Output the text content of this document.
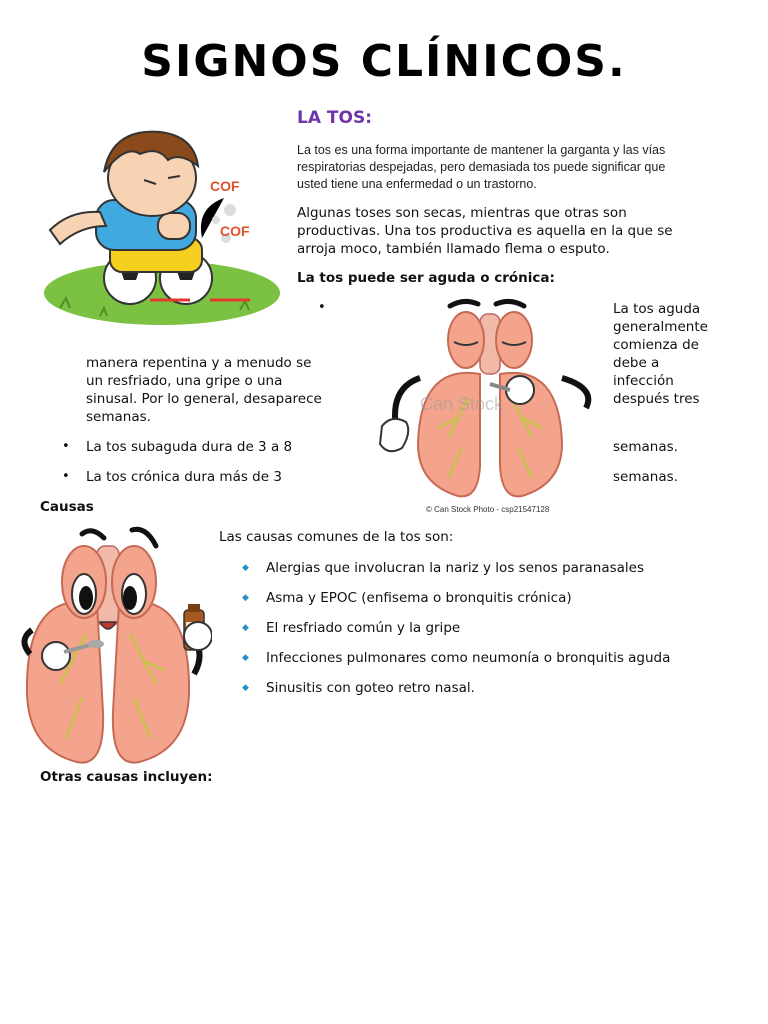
SIGNOS CLÍNICOS.
COF
COF
LA TOS:
La tos es una forma importante de mantener la garganta y las vías
respiratorias despejadas, pero demasiada tos puede significar que
usted tiene una enfermedad o un trastorno.
Algunas toses son secas, mientras que otras son
productivas. Una tos productiva es aquella en la que se
arroja moco, también llamado flema o esputo.
La tos puede ser aguda o crónica:
Can Stock
© Can Stock Photo - csp21547128
•	La tos aguda
generalmente
comienza de
debe a
infección
después tres
manera repentina y a menudo se
un resfriado, una gripe o una
sinusal. Por lo general, desaparece
semanas.
• La tos subaguda dura de 3 a 8	semanas.
• La tos crónica dura más de 3	semanas.
Causas
Las causas comunes de la tos son:
◆ Alergias que involucran la nariz y los senos paranasales
◆ Asma y EPOC (enfisema o bronquitis crónica)
◆ El resfriado común y la gripe
◆ Infecciones pulmonares como neumonía o bronquitis aguda
◆ Sinusitis con goteo retro nasal.
Otras causas incluyen:
